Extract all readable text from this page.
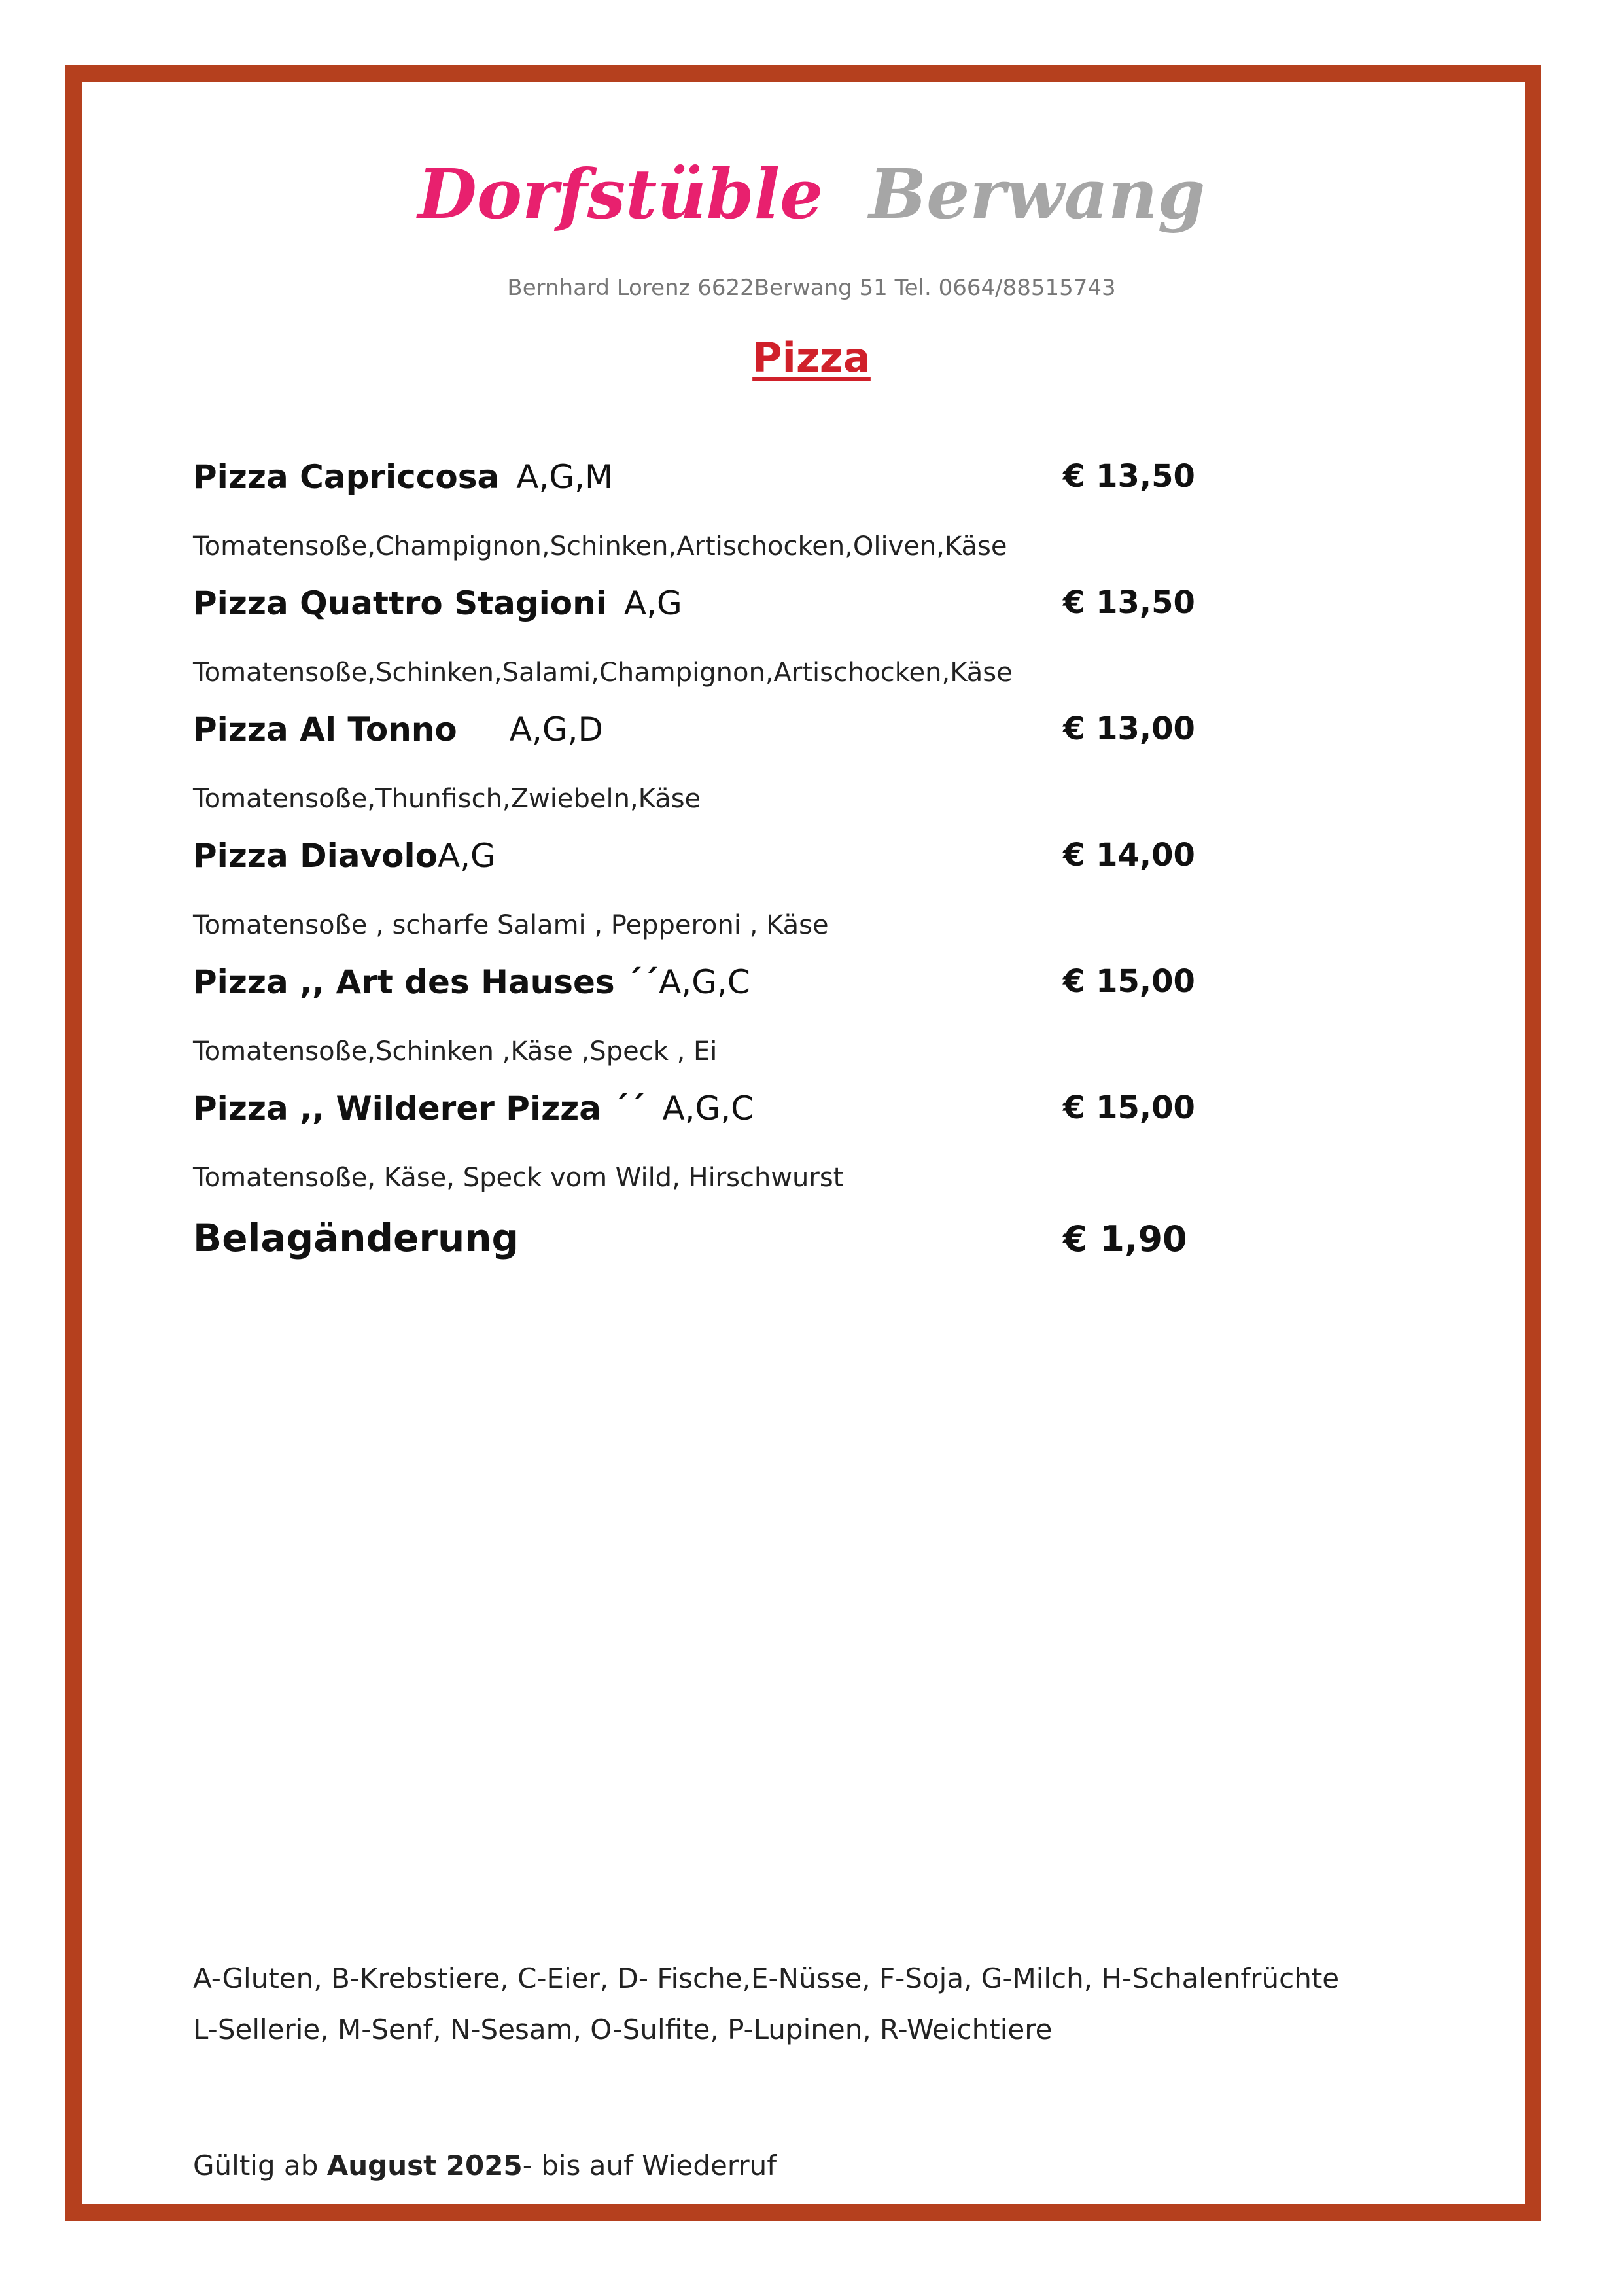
Dorfstüble Berwang
Bernhard Lorenz 6622Berwang 51 Tel. 0664/88515743
Pizza
Pizza Capriccosa A,G,M	€ 13,50
Tomatensoße,Champignon,Schinken,Artischocken,Oliven,Käse
Pizza Quattro Stagioni A,G	€ 13,50
Tomatensoße,Schinken,Salami,Champignon,Artischocken,Käse
Pizza Al Tonno A,G,D	€ 13,00
Tomatensoße,Thunfisch,Zwiebeln,Käse
Pizza DiavoloA,G	€ 14,00
Tomatensoße , scharfe Salami , Pepperoni , Käse
Pizza ,, Art des Hauses ´´A,G,C	€ 15,00
Tomatensoße,Schinken ,Käse ,Speck , Ei
Pizza ,, Wilderer Pizza ´´ A,G,C	€ 15,00
Tomatensoße, Käse, Speck vom Wild, Hirschwurst
Belagänderung	€ 1,90
A-Gluten, B-Krebstiere, C-Eier, D- Fische,E-Nüsse, F-Soja, G-Milch, H-Schalenfrüchte
L-Sellerie, M-Senf, N-Sesam, O-Sulfite, P-Lupinen, R-Weichtiere
Gültig ab August 2025- bis auf Wiederruf
